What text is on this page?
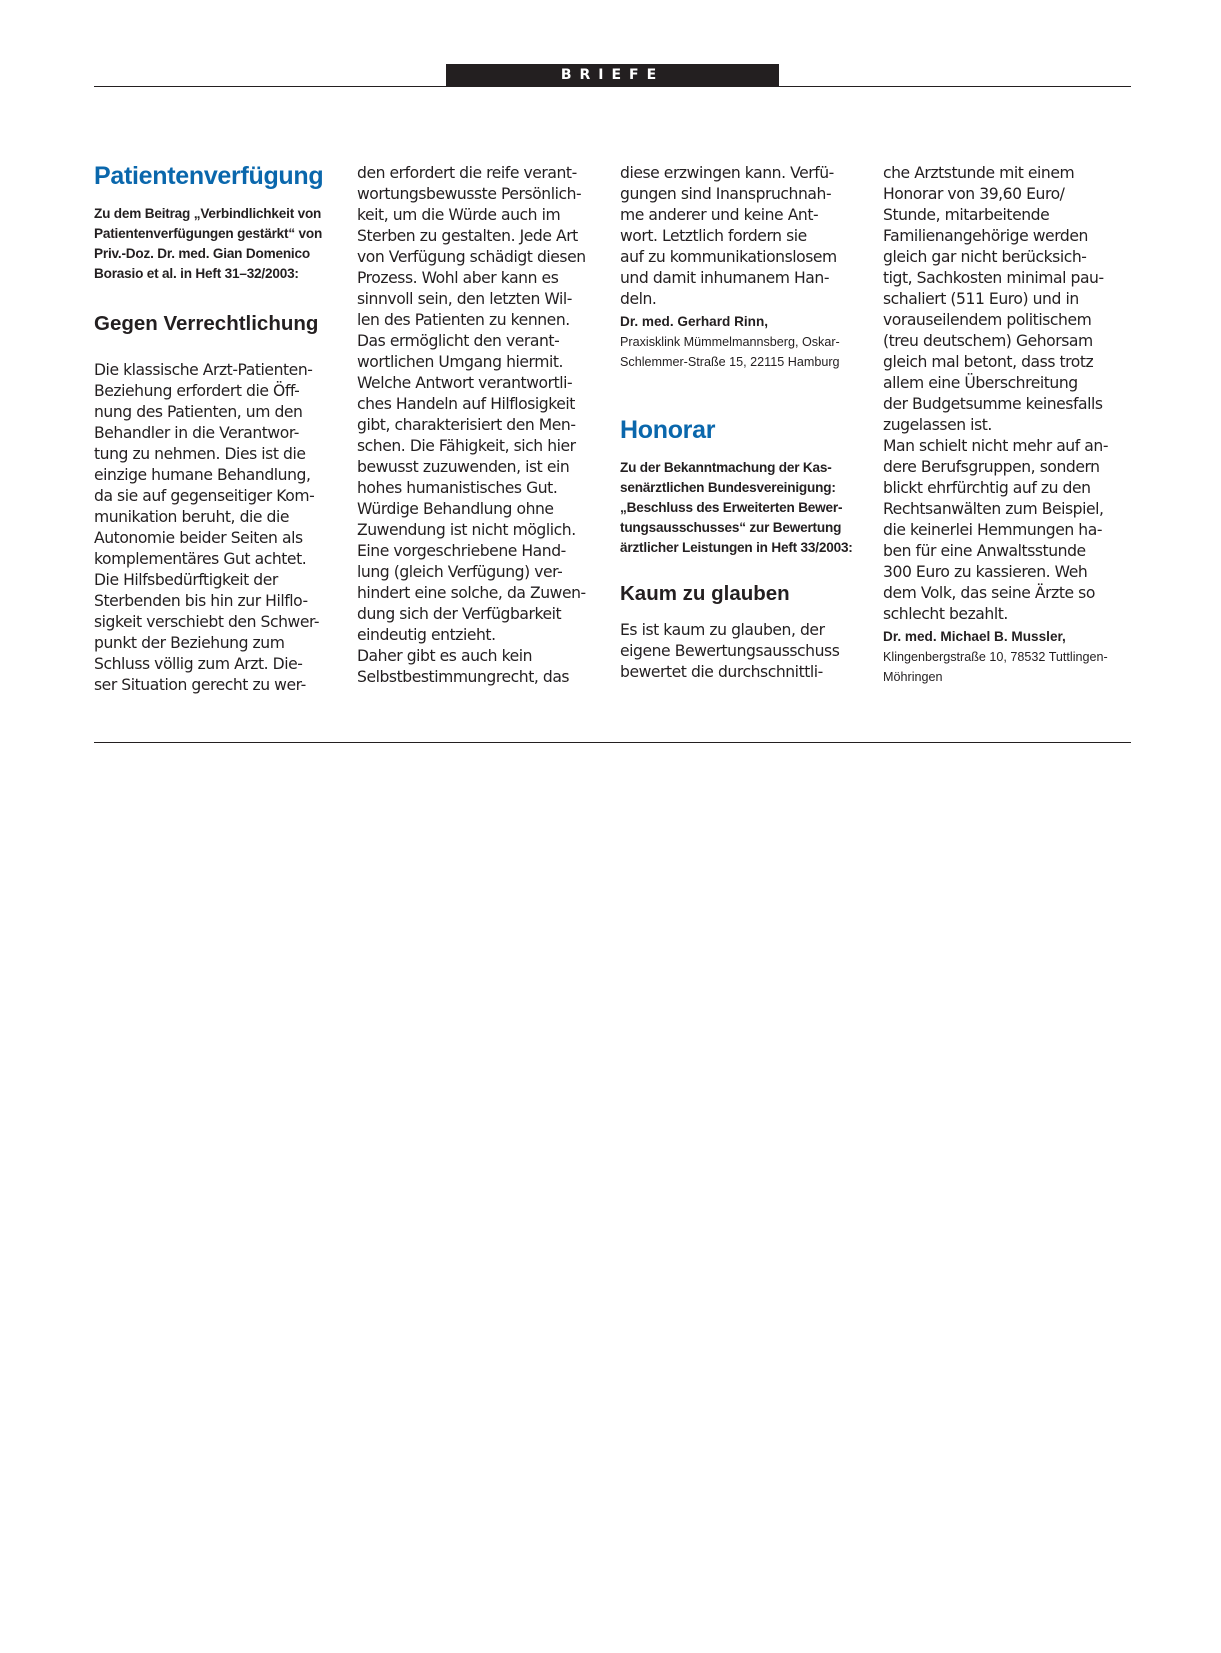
BRIEFE
Patientenverfügung
Zu dem Beitrag „Verbindlichkeit von
Patientenverfügungen gestärkt“ von
Priv.-Doz. Dr. med. Gian Domenico
Borasio et al. in Heft 31–32/2003:
Gegen Verrechtlichung
Die klassische Arzt-Patienten-
Beziehung erfordert die Öff-
nung des Patienten, um den
Behandler in die Verantwor-
tung zu nehmen. Dies ist die
einzige humane Behandlung,
da sie auf gegenseitiger Kom-
munikation beruht, die die
Autonomie beider Seiten als
komplementäres Gut achtet.
Die Hilfsbedürftigkeit der
Sterbenden bis hin zur Hilflo-
sigkeit verschiebt den Schwer-
punkt der Beziehung zum
Schluss völlig zum Arzt. Die-
ser Situation gerecht zu wer-
den erfordert die reife verant-
wortungsbewusste Persönlich-
keit, um die Würde auch im
Sterben zu gestalten. Jede Art
von Verfügung schädigt diesen
Prozess. Wohl aber kann es
sinnvoll sein, den letzten Wil-
len des Patienten zu kennen.
Das ermöglicht den verant-
wortlichen Umgang hiermit.
Welche Antwort verantwortli-
ches Handeln auf Hilflosigkeit
gibt, charakterisiert den Men-
schen. Die Fähigkeit, sich hier
bewusst zuzuwenden, ist ein
hohes humanistisches Gut.
Würdige Behandlung ohne
Zuwendung ist nicht möglich.
Eine vorgeschriebene Hand-
lung (gleich Verfügung) ver-
hindert eine solche, da Zuwen-
dung sich der Verfügbarkeit
eindeutig entzieht.
Daher gibt es auch kein
Selbstbestimmungrecht, das
diese erzwingen kann. Verfü-
gungen sind Inanspruchnah-
me anderer und keine Ant-
wort. Letztlich fordern sie
auf zu kommunikationslosem
und damit inhumanem Han-
deln.

Dr. med. Gerhard Rinn,

Praxisklink Mümmelmannsberg, Oskar-
Schlemmer-Straße 15, 22115 Hamburg
Honorar
Zu der Bekanntmachung der Kas-
senärztlichen Bundesvereinigung:
„Beschluss des Erweiterten Bewer-
tungsausschusses“ zur Bewertung
ärztlicher Leistungen in Heft 33/2003:
Kaum zu glauben
Es ist kaum zu glauben, der
eigene Bewertungsausschuss
bewertet die durchschnittli-
che Arztstunde mit einem
Honorar von 39,60 Euro/
Stunde, mitarbeitende
Familienangehörige werden
gleich gar nicht berücksich-
tigt, Sachkosten minimal pau-
schaliert (511 Euro) und in
vorauseilendem politischem
(treu deutschem) Gehorsam
gleich mal betont, dass trotz
allem eine Überschreitung
der Budgetsumme keinesfalls
zugelassen ist.
Man schielt nicht mehr auf an-
dere Berufsgruppen, sondern
blickt ehrfürchtig auf zu den
Rechtsanwälten zum Beispiel,
die keinerlei Hemmungen ha-
ben für eine Anwaltsstunde
300 Euro zu kassieren. Weh
dem Volk, das seine Ärzte so
schlecht bezahlt.

Dr. med. Michael B. Mussler,

Klingenbergstraße 10, 78532 Tuttlingen-
Möhringen
